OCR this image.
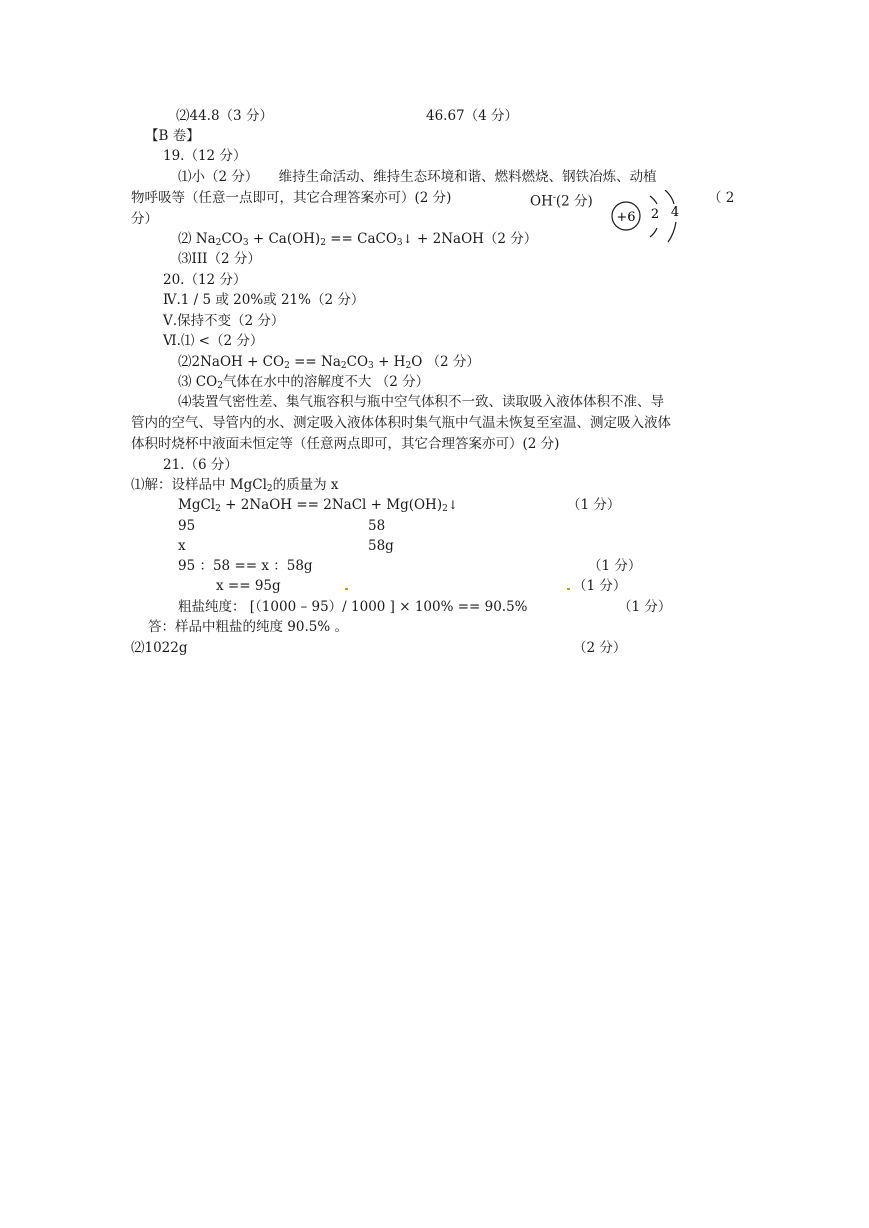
⑵44.8（3 分）	46.67（4 分）
【B 卷】
19.（12 分）
⑴小（2 分）　　维持生命活动、维持生态环境和谐、燃料燃烧、钢铁冶炼、动植
物呼吸等（任意一点即可，其它合理答案亦可）(2 分)	OH-(2 分)	（ 2
分）	+6 2 4
⑵ $Na_2CO_3 + Ca(OH)_2$ == CaCO$_3$↓ + 2NaOH（2 分）
⑶III（2 分）
20.（12 分）
Ⅳ.1 / 5 或 20%或 21%（2 分）
Ⅴ.保持不变（2 分）
Ⅵ.⑴ <（2 分）
⑵2NaOH + $CO_2 == Na_2CO_3 + H_2O$ （2 分）
⑶ $CO_2$气体在水中的溶解度不大 （2 分）
⑷装置气密性差、集气瓶容积与瓶中空气体积不一致、读取吸入液体体积不准、导
管内的空气、导管内的水、测定吸入液体体积时集气瓶中气温未恢复至室温、测定吸入液体
体积时烧杯中液面未恒定等（任意两点即可，其它合理答案亦可）(2 分)
21.（6 分）
⑴解：设样品中 MgCl$_2$的质量为 x
MgCl$_2$ + 2NaOH == 2NaCl + $Mg(OH)_2↓$	（1 分）
95	58
x	58g
95 ：58 == x ：58g	（1 分）
x == 95g	（1 分）
粗盐纯度： [（1000 – 95）/ 1000 ] × 100% == 90.5%	（1 分）
答：样品中粗盐的纯度 90.5% 。
⑵1022g	（2 分）
